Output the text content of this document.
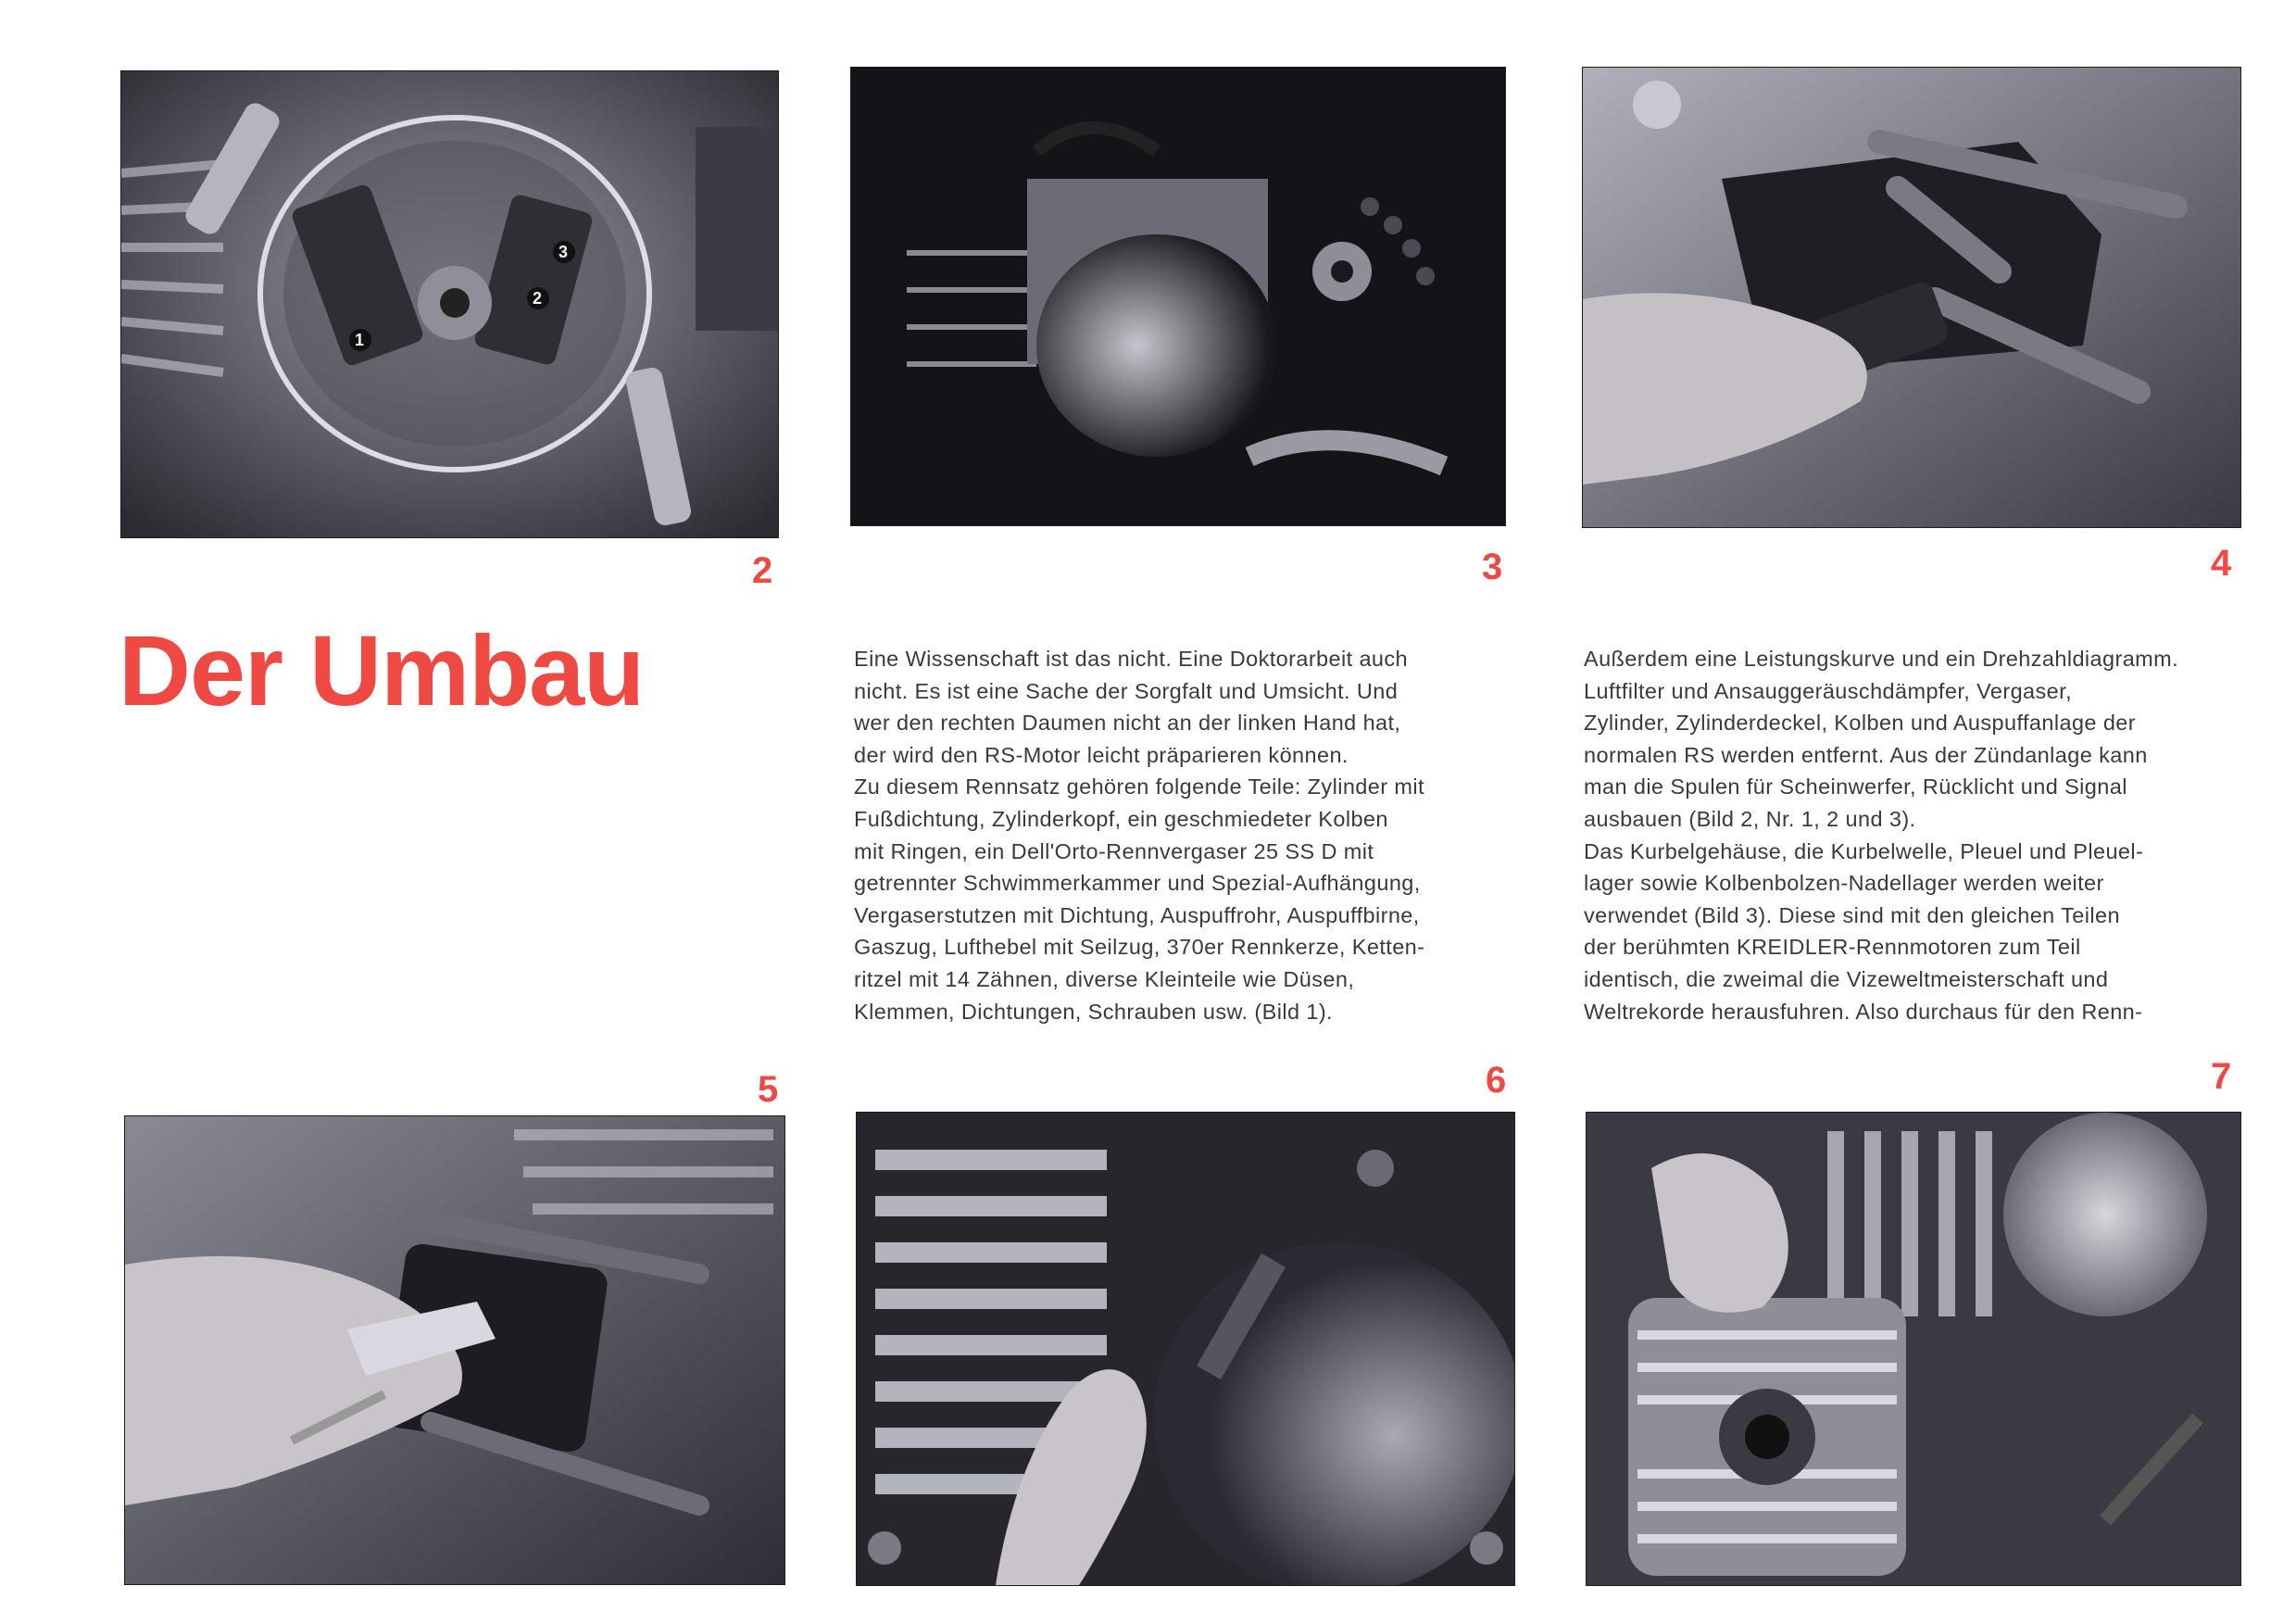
1
2
3
2	3	4
Der Umbau	Eine Wissenschaft ist das nicht. Eine Doktorarbeit auch
nicht. Es ist eine Sache der Sorgfalt und Umsicht. Und
wer den rechten Daumen nicht an der linken Hand hat,
der wird den RS-Motor leicht präparieren können.
Zu diesem Rennsatz gehören folgende Teile: Zylinder mit
Fußdichtung, Zylinderkopf, ein geschmiedeter Kolben
mit Ringen, ein Dell'Orto-Rennvergaser 25 SS D mit
getrennter Schwimmerkammer und Spezial-Aufhängung,
Vergaserstutzen mit Dichtung, Auspuffrohr, Auspuffbirne,
Gaszug, Lufthebel mit Seilzug, 370er Rennkerze, Ketten-
ritzel mit 14 Zähnen, diverse Kleinteile wie Düsen,
Klemmen, Dichtungen, Schrauben usw. (Bild 1).
Außerdem eine Leistungskurve und ein Drehzahldiagramm.
Luftfilter und Ansauggeräuschdämpfer, Vergaser,
Zylinder, Zylinderdeckel, Kolben und Auspuffanlage der
normalen RS werden entfernt. Aus der Zündanlage kann
man die Spulen für Scheinwerfer, Rücklicht und Signal
ausbauen (Bild 2, Nr. 1, 2 und 3).
Das Kurbelgehäuse, die Kurbelwelle, Pleuel und Pleuel-
lager sowie Kolbenbolzen-Nadellager werden weiter
verwendet (Bild 3). Diese sind mit den gleichen Teilen
der berühmten KREIDLER-Rennmotoren zum Teil
identisch, die zweimal die Vizeweltmeisterschaft und
Weltrekorde herausfuhren. Also durchaus für den Renn-
5	6	7
